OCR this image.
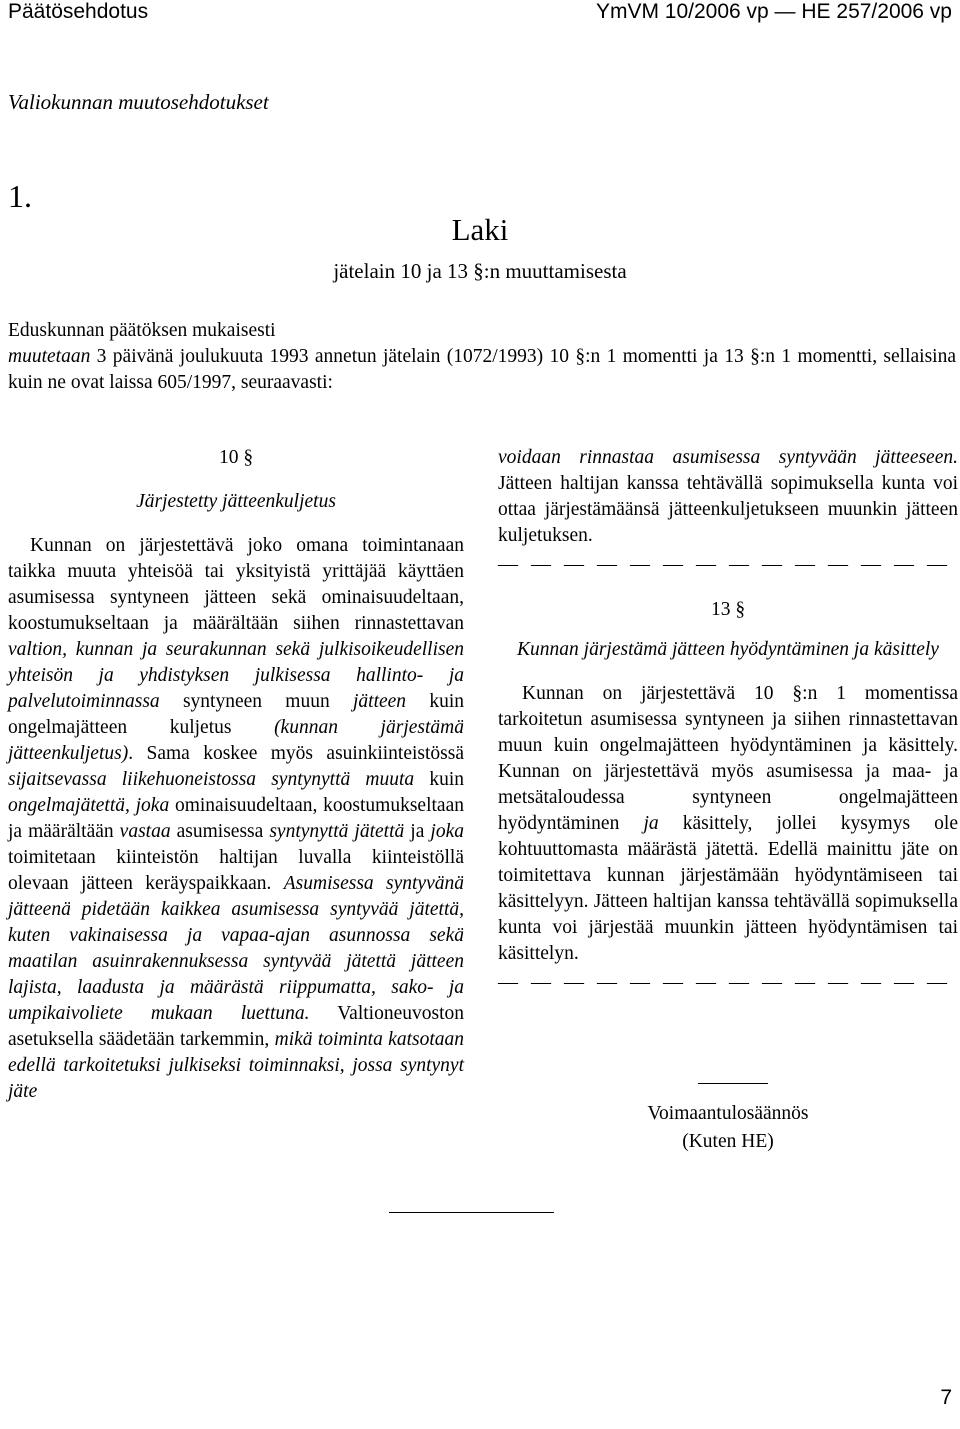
Päätösehdotus	YmVM 10/2006 vp — HE 257/2006 vp
Valiokunnan muutosehdotukset
1.
Laki
jätelain 10 ja 13 §:n muuttamisesta
Eduskunnan päätöksen mukaisesti
muutetaan 3 päivänä joulukuuta 1993 annetun jätelain (1072/1993) 10 §:n 1 momentti ja 13 §:n 1 momentti, sellaisina kuin ne ovat laissa 605/1997, seuraavasti:
10 §
Järjestetty jätteenkuljetus
Kunnan on järjestettävä joko omana toimintanaan taikka muuta yhteisöä tai yksityistä yrittäjää käyttäen asumisessa syntyneen jätteen sekä ominaisuudeltaan, koostumukseltaan ja määrältään siihen rinnastettavan valtion, kunnan ja seurakunnan sekä julkisoikeudellisen yhteisön ja yhdistyksen julkisessa hallinto- ja palvelutoiminnassa syntyneen muun jätteen kuin ongelmajätteen kuljetus (kunnan järjestämä jätteenkuljetus). Sama koskee myös asuinkiinteistössä sijaitsevassa liikehuoneistossa syntynyttä muuta kuin ongelmajätettä, joka ominaisuudeltaan, koostumukseltaan ja määrältään vastaa asumisessa syntynyttä jätettä ja joka toimitetaan kiinteistön haltijan luvalla kiinteistöllä olevaan jätteen keräyspaikkaan. Asumisessa syntyvänä jätteenä pidetään kaikkea asumisessa syntyvää jätettä, kuten vakinaisessa ja vapaa-ajan asunnossa sekä maatilan asuinrakennuksessa syntyvää jätettä jätteen lajista, laadusta ja määrästä riippumatta, sako- ja umpikaivoliete mukaan luettuna. Valtioneuvoston asetuksella säädetään tarkemmin, mikä toiminta katsotaan edellä tarkoitetuksi julkiseksi toiminnaksi, jossa syntynyt jäte
voidaan rinnastaa asumisessa syntyvään jätteeseen. Jätteen haltijan kanssa tehtävällä sopimuksella kunta voi ottaa järjestämäänsä jätteenkuljetukseen muunkin jätteen kuljetuksen.
— — — — — — — — — — — — — —
13 §
Kunnan järjestämä jätteen hyödyntäminen ja käsittely
Kunnan on järjestettävä 10 §:n 1 momentissa tarkoitetun asumisessa syntyneen ja siihen rinnastettavan muun kuin ongelmajätteen hyödyntäminen ja käsittely. Kunnan on järjestettävä myös asumisessa ja maa- ja metsätaloudessa syntyneen ongelmajätteen hyödyntäminen ja käsittely, jollei kysymys ole kohtuuttomasta määrästä jätettä. Edellä mainittu jäte on toimitettava kunnan järjestämään hyödyntämiseen tai käsittelyyn. Jätteen haltijan kanssa tehtävällä sopimuksella kunta voi järjestää muunkin jätteen hyödyntämisen tai käsittelyn.
— — — — — — — — — — — — — —
Voimaantulosäännös
(Kuten HE)
7
